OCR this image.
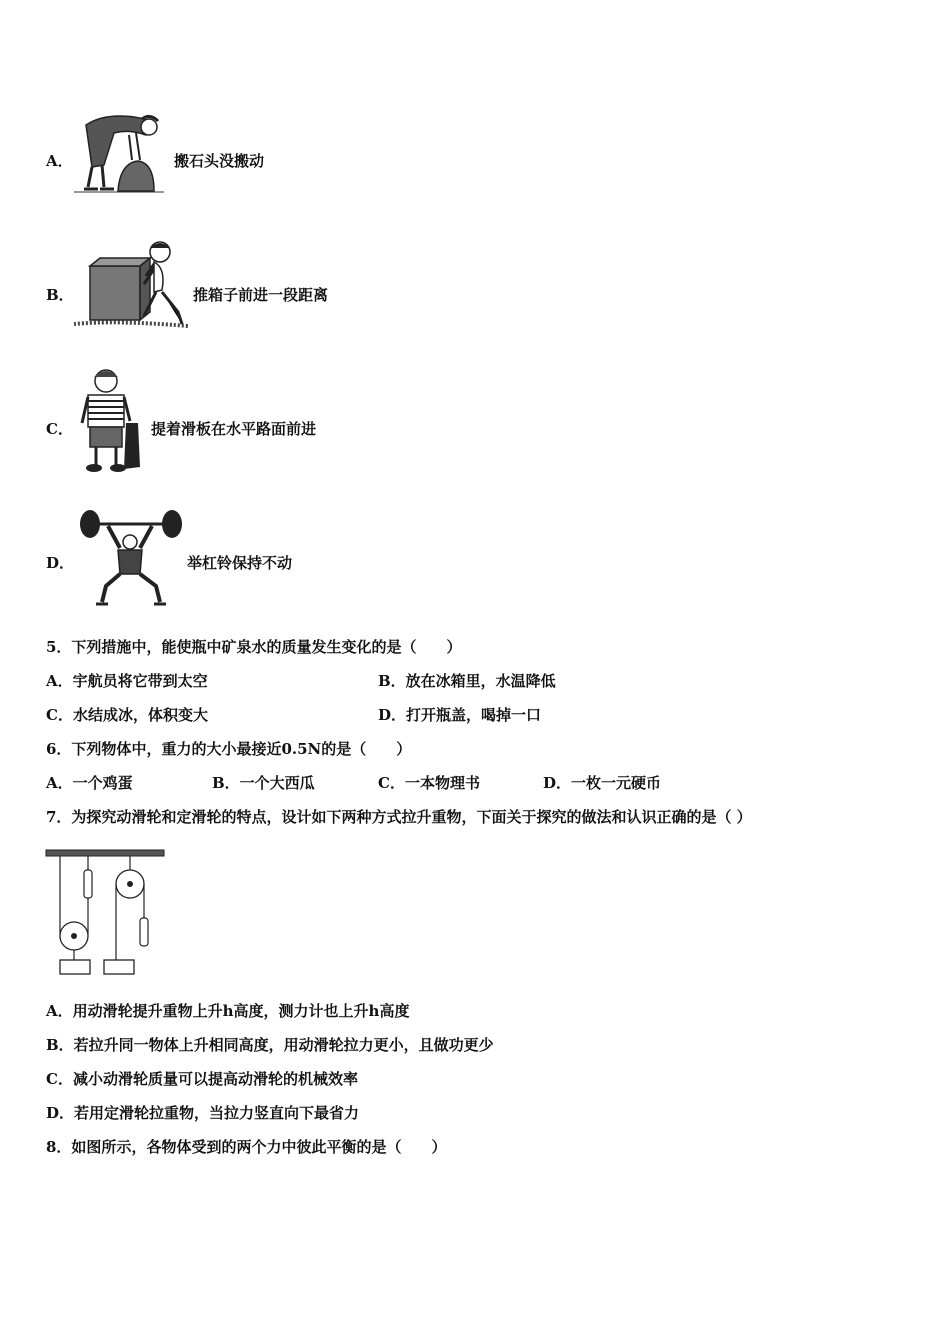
A．	搬石头没搬动
B．	推箱子前进一段距离
C．	提着滑板在水平路面前进
D．	举杠铃保持不动
5．下列措施中，能使瓶中矿泉水的质量发生变化的是（　　）
A．宇航员将它带到太空	B．放在冰箱里，水温降低
C．水结成冰，体积变大	D．打开瓶盖，喝掉一口
6．下列物体中，重力的大小最接近0.5N的是（　　）
A．一个鸡蛋	B．一个大西瓜	C．一本物理书	D．一枚一元硬币
7．为探究动滑轮和定滑轮的特点，设计如下两种方式拉升重物，下面关于探究的做法和认识正确的是（ ）
A．用动滑轮提升重物上升h高度，测力计也上升h高度
B．若拉升同一物体上升相同高度，用动滑轮拉力更小，且做功更少
C．减小动滑轮质量可以提高动滑轮的机械效率
D．若用定滑轮拉重物，当拉力竖直向下最省力
8．如图所示，各物体受到的两个力中彼此平衡的是（　　）
